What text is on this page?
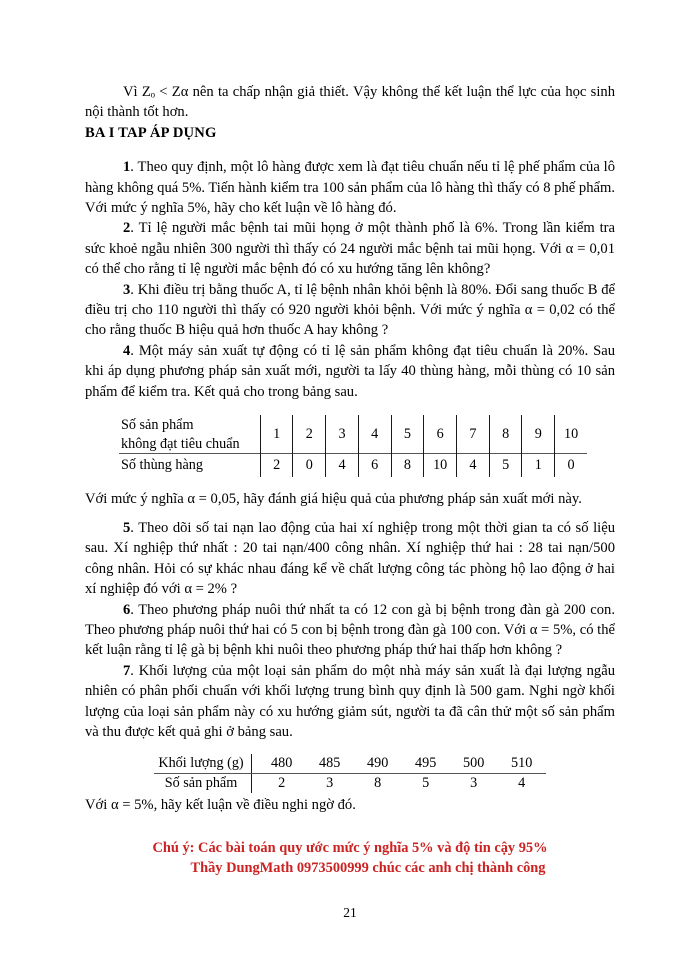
Vì Zₒ < Zα nên ta chấp nhận giả thiết. Vậy không thể kết luận thể lực của học sinh nội thành tốt hơn.

BA I TAP ÁP DỤNG

1. Theo quy định, một lô hàng được xem là đạt tiêu chuẩn nếu tỉ lệ phế phẩm của lô hàng không quá 5%. Tiến hành kiểm tra 100 sản phẩm của lô hàng thì thấy có 8 phế phẩm. Với mức ý nghĩa 5%, hãy cho kết luận về lô hàng đó.

2. Tỉ lệ người mắc bệnh tai mũi họng ở một thành phố là 6%. Trong lần kiểm tra sức khoẻ ngẫu nhiên 300 người thì thấy có 24 người mắc bệnh tai mũi họng. Với α = 0,01 có thể cho rằng tỉ lệ người mắc bệnh đó có xu hướng tăng lên không?

3. Khi điều trị bằng thuốc A, tỉ lệ bệnh nhân khỏi bệnh là 80%. Đổi sang thuốc B để điều trị cho 110 người thì thấy có 920 người khỏi bệnh. Với mức ý nghĩa α = 0,02 có thể cho rằng thuốc B hiệu quả hơn thuốc A hay không ?

4. Một máy sản xuất tự động có tỉ lệ sản phẩm không đạt tiêu chuẩn là 20%. Sau khi áp dụng phương pháp sản xuất mới, người ta lấy 40 thùng hàng, mỗi thùng có 10 sản phẩm để kiểm tra. Kết quả cho trong bảng sau.

Số sản phẩm
không đạt tiêu chuẩn	1	2	3	4	5	6	7	8	9	10

Số thùng hàng	2	0	4	6	8	10	4	5	1	0

Với mức ý nghĩa α = 0,05, hãy đánh giá hiệu quả của phương pháp sản xuất mới này.

5. Theo dõi số tai nạn lao động của hai xí nghiệp trong một thời gian ta có số liệu sau. Xí nghiệp thứ nhất : 20 tai nạn/400 công nhân. Xí nghiệp thứ hai : 28 tai nạn/500 công nhân. Hỏi có sự khác nhau đáng kể về chất lượng công tác phòng hộ lao động ở hai xí nghiệp đó với α = 2% ?

6. Theo phương pháp nuôi thứ nhất ta có 12 con gà bị bệnh trong đàn gà 200 con. Theo phương pháp nuôi thứ hai có 5 con bị bệnh trong đàn gà 100 con. Với α = 5%, có thể kết luận rằng tỉ lệ gà bị bệnh khi nuôi theo phương pháp thứ hai thấp hơn không ?

7. Khối lượng của một loại sản phẩm do một nhà máy sản xuất là đại lượng ngẫu nhiên có phân phối chuẩn với khối lượng trung bình quy định là 500 gam. Nghi ngờ khối lượng của loại sản phẩm này có xu hướng giảm sút, người ta đã cân thử một số sản phẩm và thu được kết quả ghi ở bảng sau.

Khối lượng (g)	480	485	490	495	500	510
Số sản phẩm	2	3	8	5	3	4

Với α = 5%, hãy kết luận về điều nghi ngờ đó.

Chú ý: Các bài toán quy ước mức ý nghĩa 5% và độ tin cậy 95%
Thầy DungMath 0973500999 chúc các anh chị thành công
21
